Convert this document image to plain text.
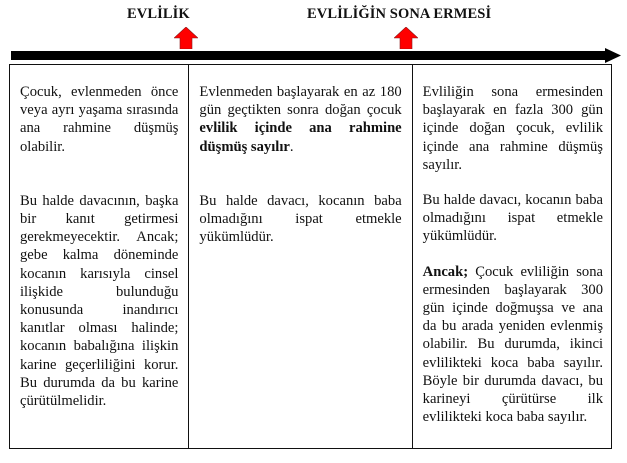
EVLİLİK	EVLİLİĞİN SONA ERMESİ

Çocuk, evlenmeden önce veya ayrı yaşama sırasında ana rahmine düşmüş olabilir.

Bu halde davacının, başka bir kanıt getirmesi gerekmeyecektir. Ancak; gebe kalma döneminde kocanın karısıyla cinsel ilişkide bulunduğu konusunda inandırıcı kanıtlar olması halinde; kocanın babalığına ilişkin karine geçerliliğini korur. Bu durumda da bu karine çürütülmelidir.

Evlenmeden başlayarak en az 180 gün geçtikten sonra doğan çocuk evlilik içinde ana rahmine düşmüş sayılır.

Bu halde davacı, kocanın baba olmadığını ispat etmekle yükümlüdür.

Evliliğin sona ermesinden başlayarak en fazla 300 gün içinde doğan çocuk, evlilik içinde ana rahmine düşmüş sayılır.

Bu halde davacı, kocanın baba olmadığını ispat etmekle yükümlüdür.

Ancak; Çocuk evliliğin sona ermesinden başlayarak 300 gün içinde doğmuşsa ve ana da bu arada yeniden evlenmiş olabilir. Bu durumda, ikinci evlilikteki koca baba sayılır. Böyle bir durumda davacı, bu karineyi çürütürse ilk evlilikteki koca baba sayılır.
